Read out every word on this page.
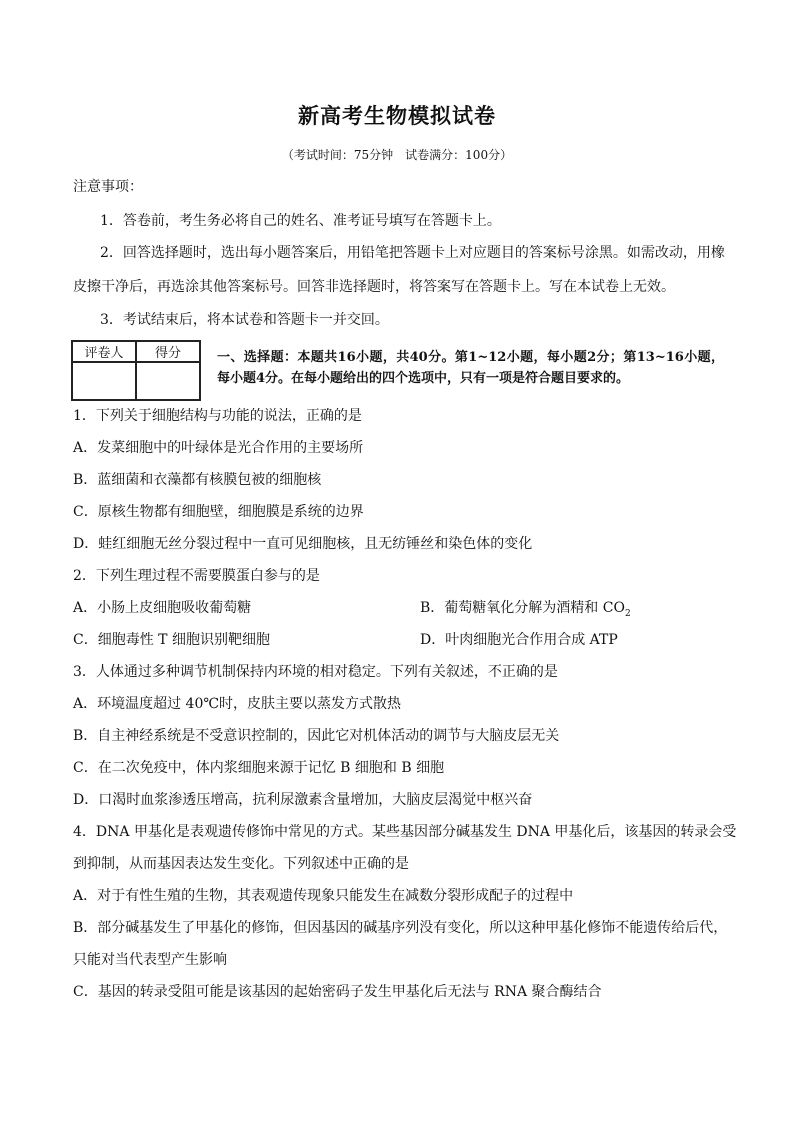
新高考生物模拟试卷
（考试时间：75分钟　试卷满分：100分）
注意事项：
1．答卷前，考生务必将自己的姓名、准考证号填写在答题卡上。
2．回答选择题时，选出每小题答案后，用铅笔把答题卡上对应题目的答案标号涂黑。如需改动，用橡
皮擦干净后，再选涂其他答案标号。回答非选择题时，将答案写在答题卡上。写在本试卷上无效。
3．考试结束后，将本试卷和答题卡一并交回。
评卷人	得分
		一、选择题：本题共16小题，共40分。第1~12小题，每小题2分；第13~16小题，每小题4分。在每小题给出的四个选项中，只有一项是符合题目要求的。
1．下列关于细胞结构与功能的说法，正确的是
A．发菜细胞中的叶绿体是光合作用的主要场所
B．蓝细菌和衣藻都有核膜包被的细胞核
C．原核生物都有细胞壁，细胞膜是系统的边界
D．蛙红细胞无丝分裂过程中一直可见细胞核，且无纺锤丝和染色体的变化
2．下列生理过程不需要膜蛋白参与的是
A．小肠上皮细胞吸收葡萄糖	B．葡萄糖氧化分解为酒精和 $CO_2$
C．细胞毒性 T 细胞识别靶细胞	D．叶肉细胞光合作用合成 ATP
3．人体通过多种调节机制保持内环境的相对稳定。下列有关叙述，不正确的是
A．环境温度超过 40℃时，皮肤主要以蒸发方式散热
B．自主神经系统是不受意识控制的，因此它对机体活动的调节与大脑皮层无关
C．在二次免疫中，体内浆细胞来源于记忆 B 细胞和 B 细胞
D．口渴时血浆渗透压增高，抗利尿激素含量增加，大脑皮层渴觉中枢兴奋
4．DNA 甲基化是表观遗传修饰中常见的方式。某些基因部分碱基发生 DNA 甲基化后，该基因的转录会受
到抑制，从而基因表达发生变化。下列叙述中正确的是
A．对于有性生殖的生物，其表观遗传现象只能发生在减数分裂形成配子的过程中
B．部分碱基发生了甲基化的修饰，但因基因的碱基序列没有变化，所以这种甲基化修饰不能遗传给后代，
只能对当代表型产生影响
C．基因的转录受阻可能是该基因的起始密码子发生甲基化后无法与 RNA 聚合酶结合
